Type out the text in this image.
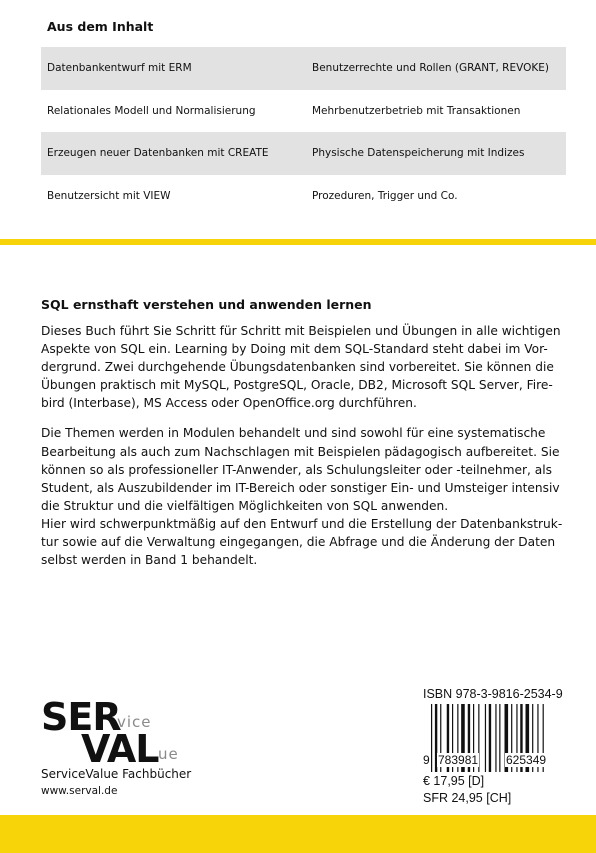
Aus dem Inhalt
Datenbankentwurf mit ERM	Benutzerrechte und Rollen (GRANT, REVOKE)
Relationales Modell und Normalisierung	Mehrbenutzerbetrieb mit Transaktionen
Erzeugen neuer Datenbanken mit CREATE	Physische Datenspeicherung mit Indizes
Benutzersicht mit VIEW	Prozeduren, Trigger und Co.
SQL ernsthaft verstehen und anwenden lernen

Dieses Buch führt Sie Schritt für Schritt mit Beispielen und Übungen in alle wichtigen
Aspekte von SQL ein. Learning by Doing mit dem SQL-Standard steht dabei im Vor-
dergrund. Zwei durchgehende Übungsdatenbanken sind vorbereitet. Sie können die
Übungen praktisch mit MySQL, PostgreSQL, Oracle, DB2, Microsoft SQL Server, Fire-
bird (Interbase), MS Access oder OpenOffice.org durchführen.

Die Themen werden in Modulen behandelt und sind sowohl für eine systematische
Bearbeitung als auch zum Nachschlagen mit Beispielen pädagogisch aufbereitet. Sie
können so als professioneller IT-Anwender, als Schulungsleiter oder -teilnehmer, als
Student, als Auszubildender im IT-Bereich oder sonstiger Ein- und Umsteiger intensiv
die Struktur und die vielfältigen Möglichkeiten von SQL anwenden.
Hier wird schwerpunktmäßig auf den Entwurf und die Erstellung der Datenbankstruk-
tur sowie auf die Verwaltung eingegangen, die Abfrage und die Änderung der Daten
selbst werden in Band 1 behandelt.

SER
vice
VAL ue
ServiceValue Fachbücher
www.serval.de
ISBN 978-3-9816-2534-9
9 783981 625349
€ 17,95 [D]
SFR 24,95 [CH]
